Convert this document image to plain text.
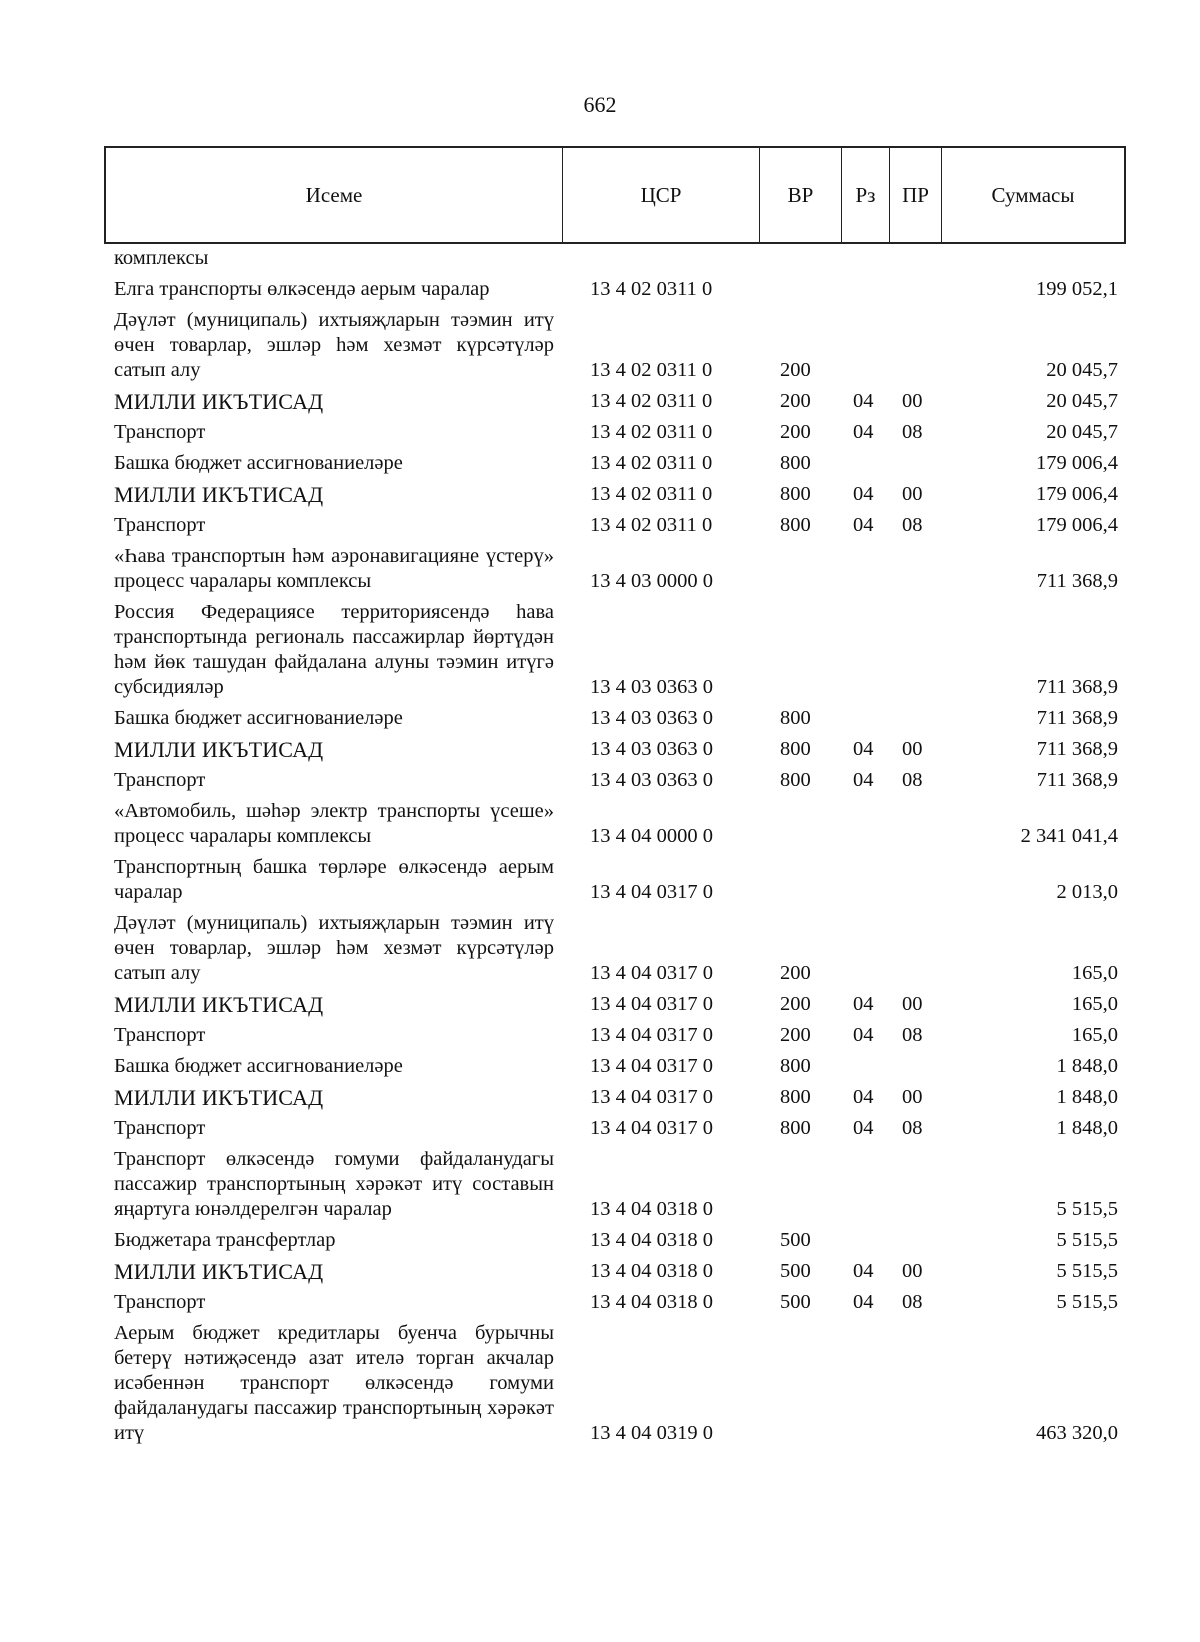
662
Исеме	ЦСР	ВР	Рз	ПР	Суммасы
комплексы
Елга транспорты өлкәсендә аерым чаралар	13 4 02 0311 0	199 052,1
Дәүләт (муниципаль) ихтыяҗларын тәэмин итү өчен товарлар, эшләр һәм хезмәт күрсәтүләр сатып алу	13 4 02 0311 0	200	20 045,7
МИЛЛИ ИКЪТИСАД	13 4 02 0311 0	200 04 00	20 045,7
Транспорт	13 4 02 0311 0	200 04 08	20 045,7
Башка бюджет ассигнованиеләре	13 4 02 0311 0	800	179 006,4
МИЛЛИ ИКЪТИСАД	13 4 02 0311 0	800 04 00	179 006,4
Транспорт	13 4 02 0311 0	800 04 08	179 006,4
«Һава транспортын һәм аэронавигацияне үстерү» процесс чаралары комплексы	13 4 03 0000 0	711 368,9
Россия Федерациясе территориясендә һава транспортында региональ пассажирлар йөртүдән һәм йөк ташудан файдалана алуны тәэмин итүгә субсидияләр	13 4 03 0363 0	711 368,9
Башка бюджет ассигнованиеләре	13 4 03 0363 0	800	711 368,9
МИЛЛИ ИКЪТИСАД	13 4 03 0363 0	800 04 00	711 368,9
Транспорт	13 4 03 0363 0	800 04 08	711 368,9
«Автомобиль, шәһәр электр транспорты үсеше» процесс чаралары комплексы	13 4 04 0000 0	2 341 041,4
Транспортның башка төрләре өлкәсендә аерым чаралар	13 4 04 0317 0	2 013,0
Дәүләт (муниципаль) ихтыяҗларын тәэмин итү өчен товарлар, эшләр һәм хезмәт күрсәтүләр сатып алу	13 4 04 0317 0	200	165,0
МИЛЛИ ИКЪТИСАД	13 4 04 0317 0	200 04 00	165,0
Транспорт	13 4 04 0317 0	200 04 08	165,0
Башка бюджет ассигнованиеләре	13 4 04 0317 0	800	1 848,0
МИЛЛИ ИКЪТИСАД	13 4 04 0317 0	800 04 00	1 848,0
Транспорт	13 4 04 0317 0	800 04 08	1 848,0
Транспорт өлкәсендә гомуми файдаланудагы пассажир транспортының хәрәкәт итү составын яңартуга юнәлдерелгән чаралар	13 4 04 0318 0	5 515,5
Бюджетара трансфертлар	13 4 04 0318 0	500	5 515,5
МИЛЛИ ИКЪТИСАД	13 4 04 0318 0	500 04 00	5 515,5
Транспорт	13 4 04 0318 0	500 04 08	5 515,5
Аерым бюджет кредитлары буенча бурычны бетерү нәтиҗәсендә азат ителә торган акчалар исәбеннән транспорт өлкәсендә гомуми файдаланудагы пассажир транспортының хәрәкәт итү	13 4 04 0319 0	463 320,0
